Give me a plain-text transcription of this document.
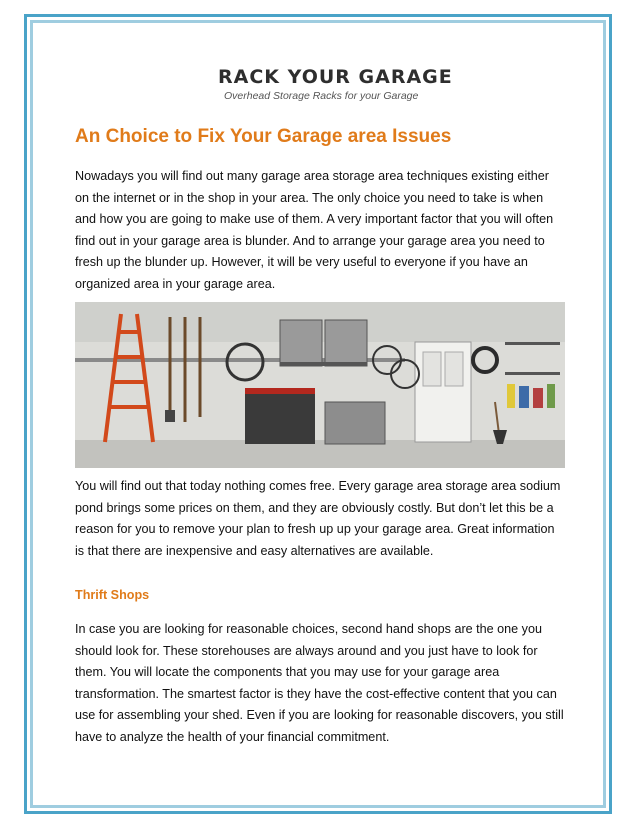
RACK YOUR GARAGE
Overhead Storage Racks for your Garage
An Choice to Fix Your Garage area Issues

Nowadays you will find out many garage area storage area techniques existing either on the internet or in the shop in your area. The only choice you need to take is when and how you are going to make use of them. A very important factor that you will often find out in your garage area is blunder. And to arrange your garage area you need to fresh up the blunder up. However, it will be very useful to everyone if you have an organized area in your garage area.

You will find out that today nothing comes free. Every garage area storage area sodium pond brings some prices on them, and they are obviously costly. But don’t let this be a reason for you to remove your plan to fresh up up your garage area. Great information is that there are inexpensive and easy alternatives are available.

Thrift Shops

In case you are looking for reasonable choices, second hand shops are the one you should look for. These storehouses are always around and you just have to look for them. You will locate the components that you may use for your garage area transformation. The smartest factor is they have the cost-effective content that you can use for assembling your shed. Even if you are looking for reasonable discovers, you still have to analyze the health of your financial commitment.
